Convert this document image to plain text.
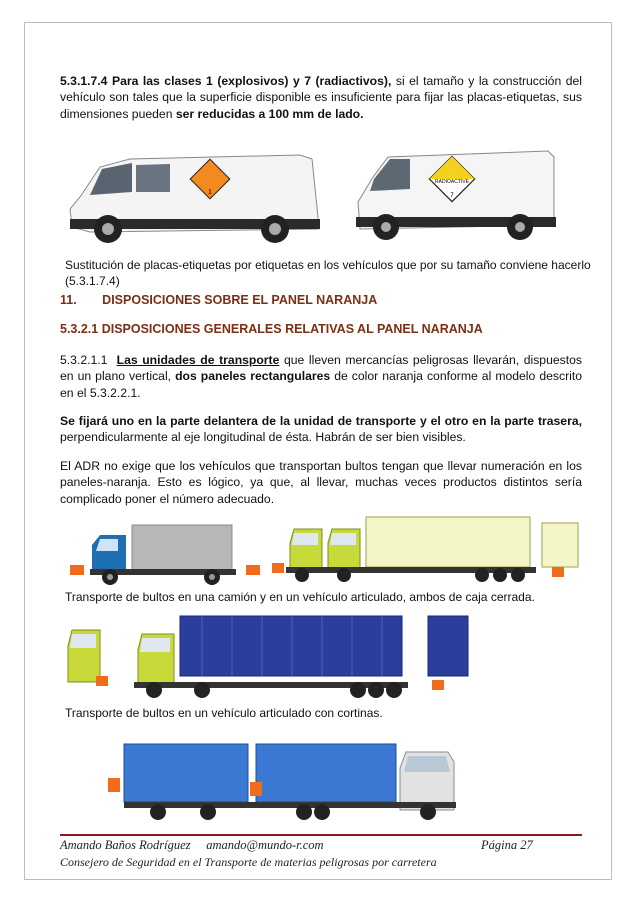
5.3.1.7.4 Para las clases 1 (explosivos) y 7 (radiactivos), si el tamaño y la construcción del vehículo son tales que la superficie disponible es insuficiente para fijar las placas-etiquetas, sus dimensiones pueden ser reducidas a 100 mm de lado.
1
RADIOACTIVE
7
Sustitución de placas-etiquetas por etiquetas en los vehículos que por su tamaño conviene hacerlo (5.3.1.7.4)
11. DISPOSICIONES SOBRE EL PANEL NARANJA
5.3.2.1 DISPOSICIONES GENERALES RELATIVAS AL PANEL NARANJA
5.3.2.1.1 Las unidades de transporte que lleven mercancías peligrosas llevarán, dispuestos en un plano vertical, dos paneles rectangulares de color naranja conforme al modelo descrito en el 5.3.2.2.1.
Se fijará uno en la parte delantera de la unidad de transporte y el otro en la parte trasera, perpendicularmente al eje longitudinal de ésta. Habrán de ser bien visibles.
El ADR no exige que los vehículos que transportan bultos tengan que llevar numeración en los paneles-naranja. Esto es lógico, ya que, al llevar, muchas veces productos distintos sería complicado poner el número adecuado.
Transporte de bultos en una camión y en un vehículo articulado, ambos de caja cerrada.
Transporte de bultos en un vehículo articulado con cortinas.
Amando Baños Rodríguez amando@mundo-r.com	Página 27
Consejero de Seguridad en el Transporte de materias peligrosas por carretera
